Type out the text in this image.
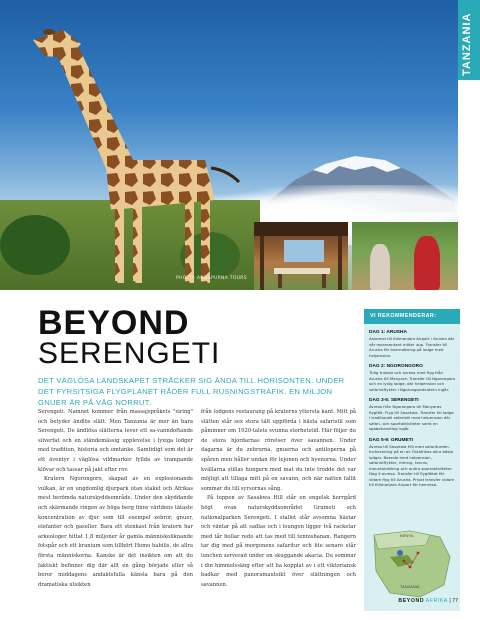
PHOTO: ANNAPURNA TOURS
TANZANIA
BEYOND
SERENGETI
DET VÄGLÖSA LANDSKAPET STRÄCKER SIG ÄNDA TILL HORISONTEN. UNDER DET FYRSITSIGA FLYGPLANET RÅDER FULL RUSNINGSTRAFIK. EN MILJON GNUER ÄR PÅ VÄG NORRUT.

Serengeti. Namnet kommer från massajspråkets "siring" och betyder ändlös slätt. Men Tanzania är mer än bara Serengeti. De ändlösa slätterna lever ett sa-vanndoftande silverfat och en ständemässig upplevelse i lyxiga lodger med tradition, historia och omtanke. Samtidigt som det är ett äventyr i väglösa vildmarker fyllda av trampande klövar och tassar på jakt efter rov.

Kratern Ngorongoro, skapad av en explosionande vulkan, är en ungdomlig djurpark utan staket och Afrikas mest berömda naturskyddsområde. Under den skyddande och skärmande ringen av höga berg finns världens tätaste koncentration av djur som till exempel zebror, gnuer, elefanter och gaseller. Bara ett stenkast från kratern har arkeologer hittat 1,8 miljoner år gamla människoliknande fotspår och ett kranium som tillhört Homo habilis, de allra första människorna. Kanske är det insikten om att du faktiskt befinner dig där allt en gång började eller så beror middagens andaktsfulla känsla bara på den dramatiska utsikten

från lodgens restaurang på kraterns yttersta kant. Mitt på slätten står sex stora tält uppförda i bästa safaristil som påminner om 1920-talets svunna storhetstid. Här följer du de stora hjordarnas rörelser över savannen. Under dagarna är du zebrorna, gnuerna och antiloperna på spåren men håller undan för lejonen och hyenorna. Under kvällarna stillas hungern med mat du inte trodde det var möjligt att tillaga mitt på en savann, och när natten fallit sommar du till syrsornas sång.

På toppen av Sasakwa Hill står en engelsk herrgård högt ovan naturskyddsområdet Grumeti och nationalparken Serengeti. I stallet står avsomna hästar och väntar på att sadlas och i loungen ligger två racketar med tår bollar redo att tas med till tennisbanan. Rangern tar dig med på morgonens safaritur och lite senare står lunchen serverad under en skuggande akacia. Du sommar i din himmelssäng efter att ha kopplat av i ett viktoriansk badkar med panoramautsikt över slättningen och savannen.

VI REKOMMENDERAR:
DAG 1: ARUSHA
Ankomst till Kilimanjaro Airport i Arusha där vår representant möter upp. Transfer till Arusha för övernattning på lodge med helpension.
DAG 2: NGORONGORO
Tidig frukost och avresa med flyg från Arusha till Manyara. Transfer till Ngorongoro och en lyxig lodge, där helpension och safariutflykter i Ngorongorokratern ingår.
DAG 3-5: SERENGETI
Avresa från Ngorongoro till Manyaras flygfält. Flyg till Sasakwa. Transfer till lodge i traditionell safaristil med helpension där safari- och sportaktiviteter samt en spabehandling ingår.
DAG 5-9: GRUMETI
Avresa till Sasakwa Hill med safariturden. Incheckning på en av Östafrikas allra bästa lodger. Boende med helpension, safariutflykter, ridning, tennis, mountainbiking och andra sportaktiviteter. Dag 9 avresa. Transfer till flygfältet för vidare flyg till Arusha. Privat transfer vidare till Kilimanjaro Airport för hemresa.
KENYA
TANZANIA
BEYOND AFRIKA | 77
